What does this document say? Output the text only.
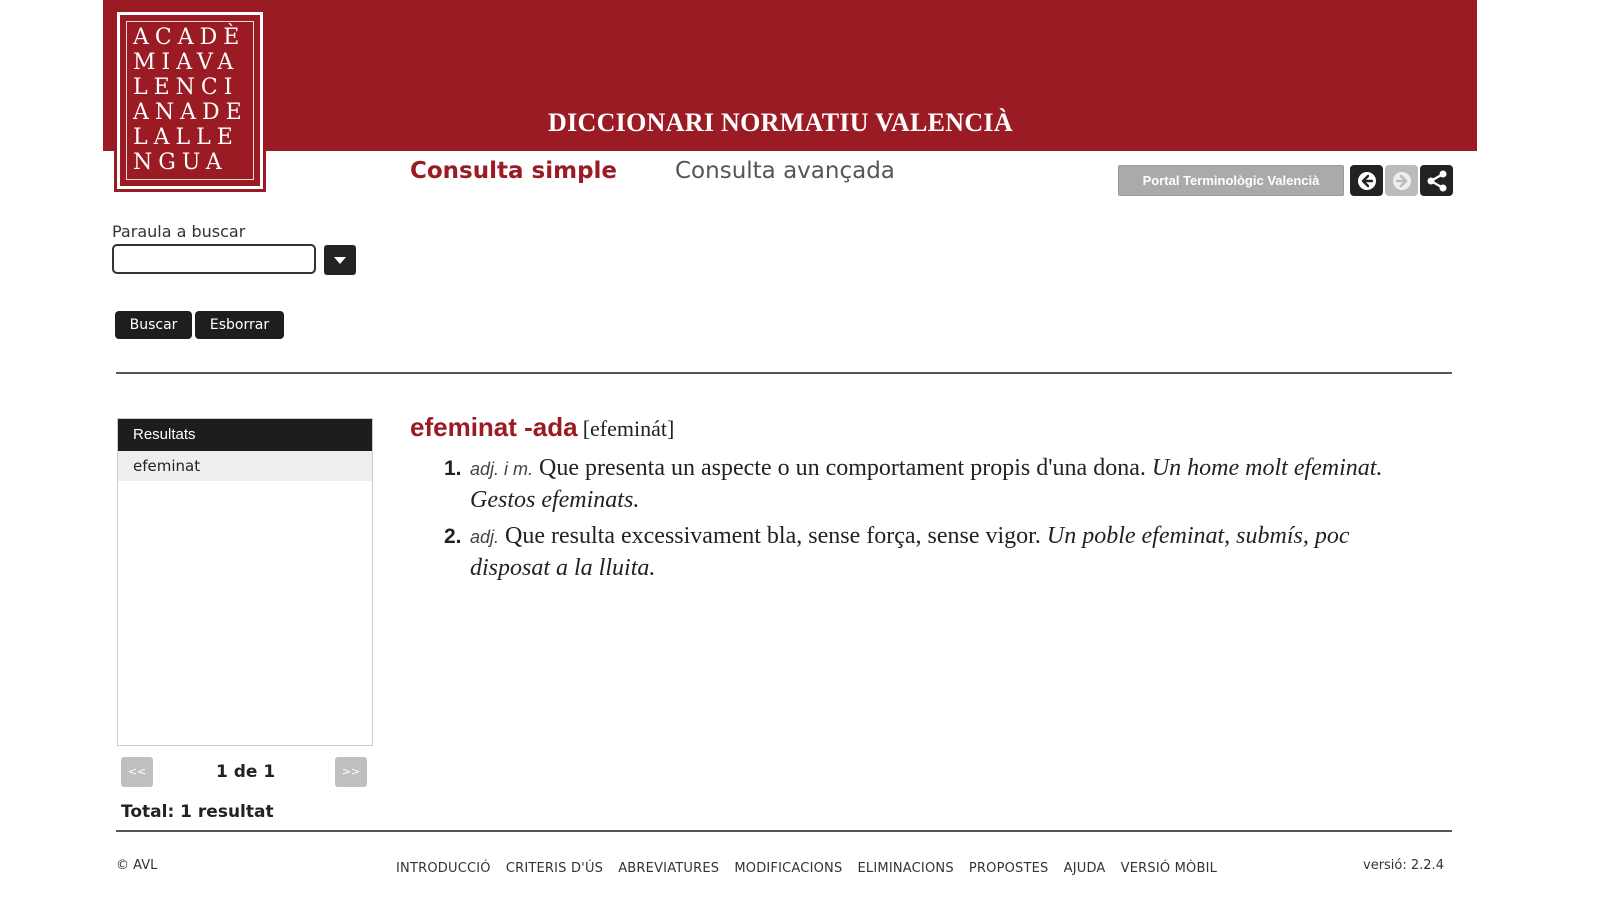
ACADÈ
MIAVA
LENCI
ANADE
LALLE
NGUA
DICCIONARI NORMATIU VALENCIÀ
Consulta simple	Consulta avançada	Portal Terminològic Valencià
Paraula a buscar
Buscar	Esborrar
Resultats
efeminat
<<	1 de 1	>>
Total: 1 resultat
efeminat -ada [efeminát]
1. adj. i m. Que presenta un aspecte o un comportament propis d'una dona. Un home molt efeminat. Gestos efeminats.
2. adj. Que resulta excessivament bla, sense força, sense vigor. Un poble efeminat, submís, poc disposat a la lluita.
© AVL	INTRODUCCIÓ CRITERIS D'ÚS ABREVIATURES MODIFICACIONS ELIMINACIONS PROPOSTES AJUDA VERSIÓ MÒBIL	versió: 2.2.4
